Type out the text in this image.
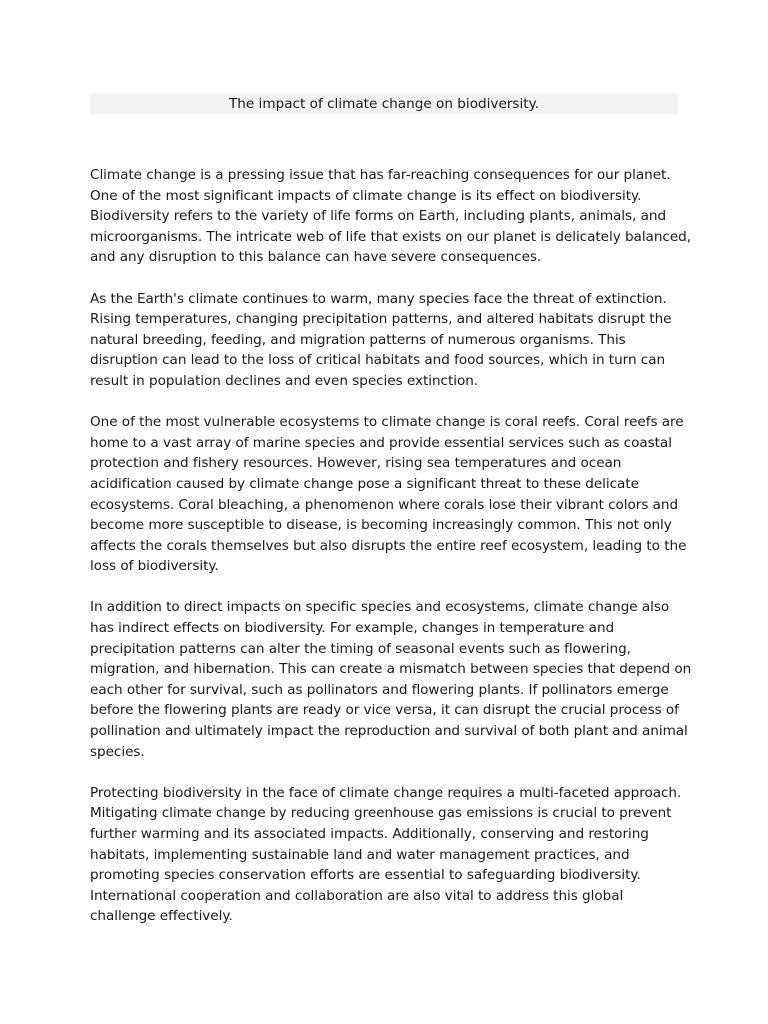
The impact of climate change on biodiversity.

Climate change is a pressing issue that has far-reaching consequences for our planet.
One of the most significant impacts of climate change is its effect on biodiversity.
Biodiversity refers to the variety of life forms on Earth, including plants, animals, and
microorganisms. The intricate web of life that exists on our planet is delicately balanced,
and any disruption to this balance can have severe consequences.

As the Earth's climate continues to warm, many species face the threat of extinction.
Rising temperatures, changing precipitation patterns, and altered habitats disrupt the
natural breeding, feeding, and migration patterns of numerous organisms. This
disruption can lead to the loss of critical habitats and food sources, which in turn can
result in population declines and even species extinction.

One of the most vulnerable ecosystems to climate change is coral reefs. Coral reefs are
home to a vast array of marine species and provide essential services such as coastal
protection and fishery resources. However, rising sea temperatures and ocean
acidification caused by climate change pose a significant threat to these delicate
ecosystems. Coral bleaching, a phenomenon where corals lose their vibrant colors and
become more susceptible to disease, is becoming increasingly common. This not only
affects the corals themselves but also disrupts the entire reef ecosystem, leading to the
loss of biodiversity.

In addition to direct impacts on specific species and ecosystems, climate change also
has indirect effects on biodiversity. For example, changes in temperature and
precipitation patterns can alter the timing of seasonal events such as flowering,
migration, and hibernation. This can create a mismatch between species that depend on
each other for survival, such as pollinators and flowering plants. If pollinators emerge
before the flowering plants are ready or vice versa, it can disrupt the crucial process of
pollination and ultimately impact the reproduction and survival of both plant and animal
species.

Protecting biodiversity in the face of climate change requires a multi-faceted approach.
Mitigating climate change by reducing greenhouse gas emissions is crucial to prevent
further warming and its associated impacts. Additionally, conserving and restoring
habitats, implementing sustainable land and water management practices, and
promoting species conservation efforts are essential to safeguarding biodiversity.
International cooperation and collaboration are also vital to address this global
challenge effectively.
